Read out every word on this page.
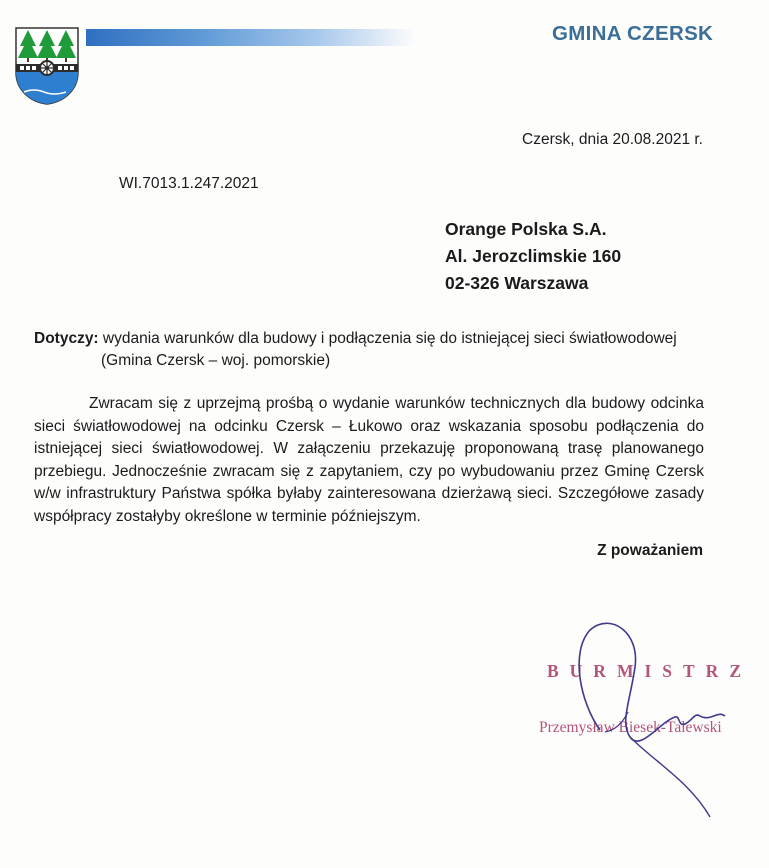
GMINA CZERSK
Czersk, dnia 20.08.2021 r.
WI.7013.1.247.2021
Orange Polska S.A.
Al. Jerozclimskie 160
02-326 Warszawa
Dotyczy: wydania warunków dla budowy i podłączenia się do istniejącej sieci światłowodowej
(Gmina Czersk – woj. pomorskie)
Zwracam się z uprzejmą prośbą o wydanie warunków technicznych dla budowy odcinka sieci światłowodowej na odcinku Czersk – Łukowo oraz wskazania sposobu podłączenia do istniejącej sieci światłowodowej. W załączeniu przekazuję proponowaną trasę planowanego przebiegu. Jednocześnie zwracam się z zapytaniem, czy po wybudowaniu przez Gminę Czersk w/w infrastruktury Państwa spółka byłaby zainteresowana dzierżawą sieci. Szczegółowe zasady współpracy zostałyby określone w terminie późniejszym.
Z poważaniem
BURMISTRZ
Przemysław Biesek-Talewski
